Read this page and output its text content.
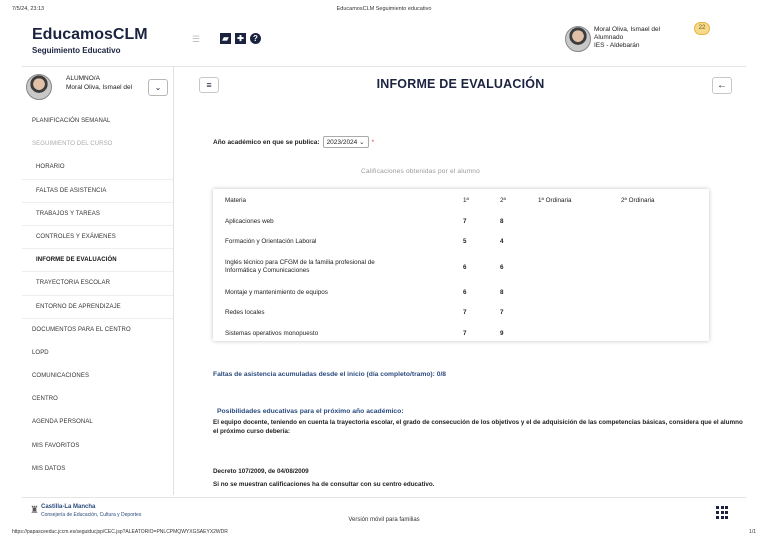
7/5/24, 23:13	EducamosCLM Seguimiento educativo
EducamosCLM
Seguimiento Educativo
☰	▰	✚	?
Moral Oliva, Ismael del
Alumnado
IES - Aldebarán
22
ALUMNO/A
Moral Oliva, Ismael del	⌄
PLANIFICACIÓN SEMANAL
SEGUIMIENTO DEL CURSO
HORARIO
FALTAS DE ASISTENCIA
TRABAJOS Y TAREAS
CONTROLES Y EXÁMENES
INFORME DE EVALUACIÓN
TRAYECTORIA ESCOLAR
ENTORNO DE APRENDIZAJE
DOCUMENTOS PARA EL CENTRO
LOPD
COMUNICACIONES
CENTRO
AGENDA PERSONAL
MIS FAVORITOS
MIS DATOS
≡	INFORME DE EVALUACIÓN	←
Año académico en que se publica:	2023/2024 ⌄	*
Calificaciones obtenidas por el alumno
Materia	1ª	2ª	1ª Ordinaria	2ª Ordinaria
Aplicaciones web	7	8		
Formación y Orientación Laboral	5	4		
Inglés técnico para CFGM de la familia profesional de Informática y Comunicaciones	6	6		
Montaje y mantenimiento de equipos	6	8		
Redes locales	7	7		
Sistemas operativos monopuesto	7	9		
Faltas de asistencia acumuladas desde el inicio (día completo/tramo): 0/8
Posibilidades educativas para el próximo año académico:
El equipo docente, teniendo en cuenta la trayectoria escolar, el grado de consecución de los objetivos y el de adquisición de las competencias básicas, considera que el alumno el próximo curso debería:
Decreto 107/2009, de 04/08/2009
Si no se muestran calificaciones ha de consultar con su centro educativo.
♜ Castilla-La Mancha
Consejería de Educación, Cultura y Deportes
Versión móvil para familias
https://papasceeduc.jccm.es/seguiducjsp/CEC.jsp?ALEATORIO=PNLCPMQWYXGSAEYX2WDR	1/1
